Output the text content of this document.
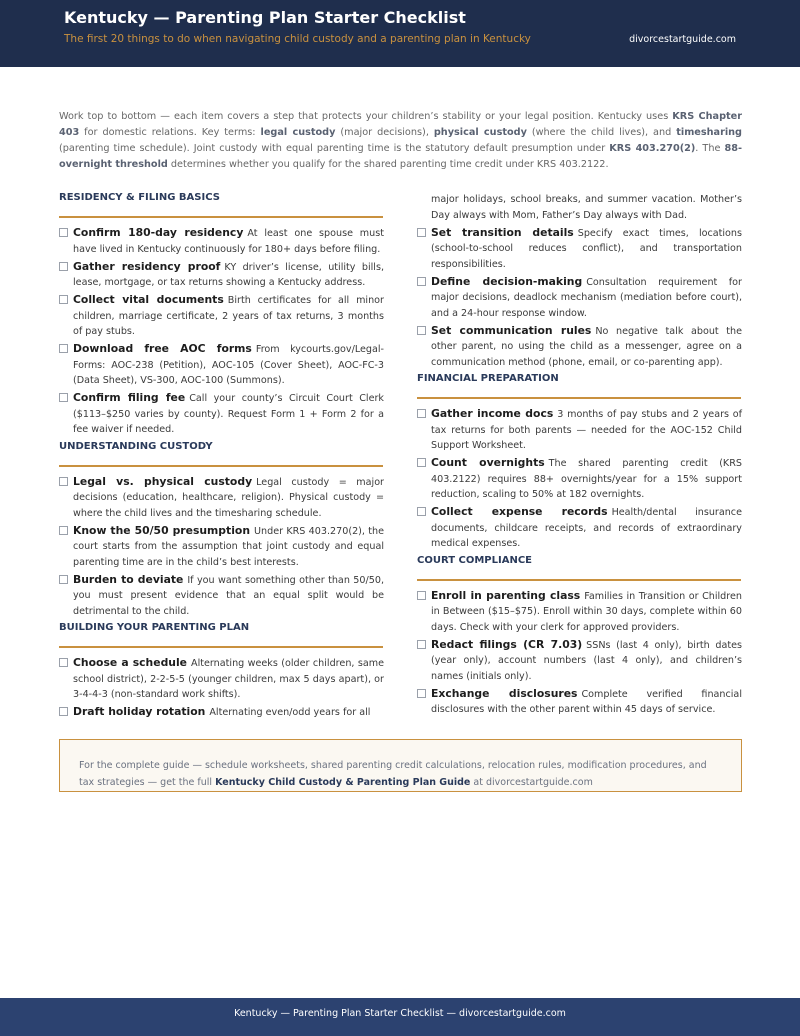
Kentucky — Parenting Plan Starter Checklist
The first 20 things to do when navigating child custody and a parenting plan in Kentucky	divorcestartguide.com
Work top to bottom — each item covers a step that protects your children’s stability or your legal position. Kentucky uses KRS Chapter 403 for domestic relations. Key terms: legal custody (major decisions), physical custody (where the child lives), and timesharing (parenting time schedule). Joint custody with equal parenting time is the statutory default presumption under KRS 403.270(2). The 88-overnight threshold determines whether you qualify for the shared parenting time credit under KRS 403.2122.
RESIDENCY & FILING BASICS
Confirm 180-day residency At least one spouse must have lived in Kentucky continuously for 180+ days before filing.
Gather residency proof KY driver’s license, utility bills, lease, mortgage, or tax returns showing a Kentucky address.
Collect vital documents Birth certificates for all minor children, marriage certificate, 2 years of tax returns, 3 months of pay stubs.
Download free AOC forms From kycourts.gov/Legal-Forms: AOC-238 (Petition), AOC-105 (Cover Sheet), AOC-FC-3 (Data Sheet), VS-300, AOC-100 (Summons).
Confirm filing fee Call your county’s Circuit Court Clerk ($113–$250 varies by county). Request Form 1 + Form 2 for a fee waiver if needed.
UNDERSTANDING CUSTODY
Legal vs. physical custody Legal custody = major decisions (education, healthcare, religion). Physical custody = where the child lives and the timesharing schedule.
Know the 50/50 presumption Under KRS 403.270(2), the court starts from the assumption that joint custody and equal parenting time are in the child’s best interests.
Burden to deviate If you want something other than 50/50, you must present evidence that an equal split would be detrimental to the child.
BUILDING YOUR PARENTING PLAN
Choose a schedule Alternating weeks (older children, same school district), 2-2-5-5 (younger children, max 5 days apart), or 3-4-4-3 (non-standard work shifts).
Draft holiday rotation Alternating even/odd years for all
major holidays, school breaks, and summer vacation. Mother’s Day always with Mom, Father’s Day always with Dad.
Set transition details Specify exact times, locations (school-to-school reduces conflict), and transportation responsibilities.
Define decision-making Consultation requirement for major decisions, deadlock mechanism (mediation before court), and a 24-hour response window.
Set communication rules No negative talk about the other parent, no using the child as a messenger, agree on a communication method (phone, email, or co-parenting app).
FINANCIAL PREPARATION
Gather income docs 3 months of pay stubs and 2 years of tax returns for both parents — needed for the AOC-152 Child Support Worksheet.
Count overnights The shared parenting credit (KRS 403.2122) requires 88+ overnights/year for a 15% support reduction, scaling to 50% at 182 overnights.
Collect expense records Health/dental insurance documents, childcare receipts, and records of extraordinary medical expenses.
COURT COMPLIANCE
Enroll in parenting class Families in Transition or Children in Between ($15–$75). Enroll within 30 days, complete within 60 days. Check with your clerk for approved providers.
Redact filings (CR 7.03) SSNs (last 4 only), birth dates (year only), account numbers (last 4 only), and children’s names (initials only).
Exchange disclosures Complete verified financial disclosures with the other parent within 45 days of service.
For the complete guide — schedule worksheets, shared parenting credit calculations, relocation rules, modification procedures, and tax strategies — get the full Kentucky Child Custody & Parenting Plan Guide at divorcestartguide.com
Kentucky — Parenting Plan Starter Checklist — divorcestartguide.com
